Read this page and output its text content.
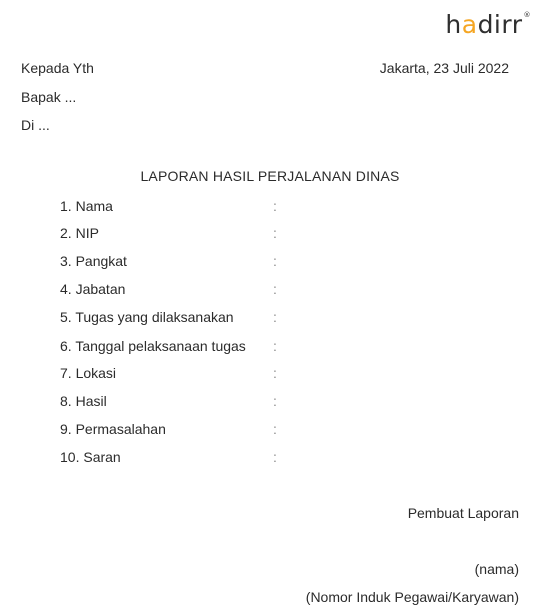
hadirr®
Kepada Yth
Bapak ...
Di ...
Jakarta, 23 Juli 2022
LAPORAN HASIL PERJALANAN DINAS
1. Nama	:
2. NIP	:
3. Pangkat	:
4. Jabatan	:
5. Tugas yang dilaksanakan	:
6. Tanggal pelaksanaan tugas :
7. Lokasi	:
8. Hasil	:
9. Permasalahan	:
10. Saran	:
Pembuat Laporan
(nama)
(Nomor Induk Pegawai/Karyawan)
